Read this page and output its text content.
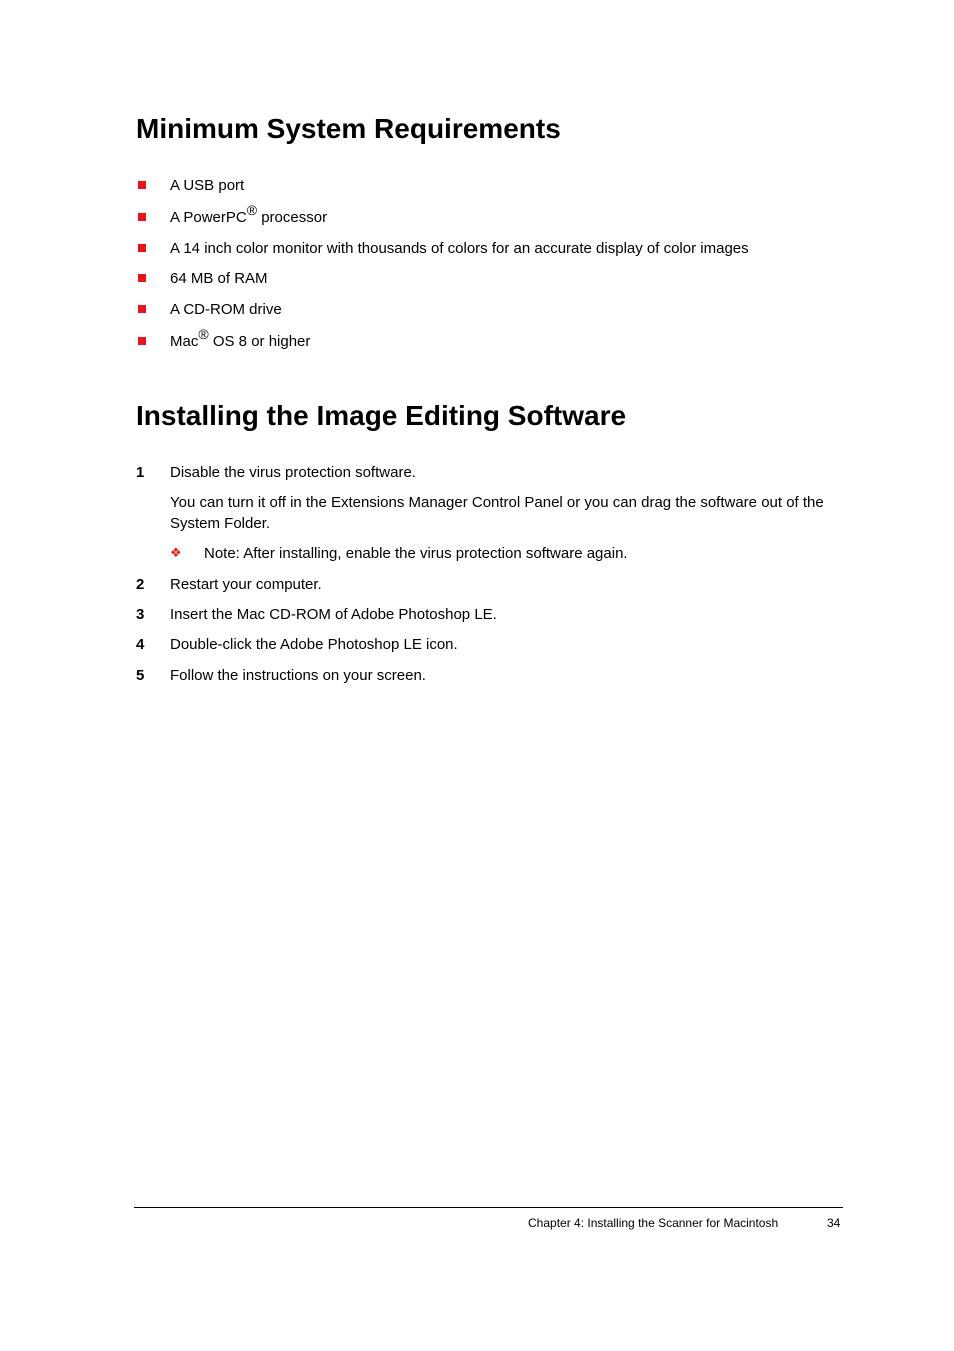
Minimum System Requirements
A USB port
A PowerPC® processor
A 14 inch color monitor with thousands of colors for an accurate display of color images
64 MB of RAM
A CD-ROM drive
Mac® OS 8 or higher
Installing the Image Editing Software
1 Disable the virus protection software.
You can turn it off in the Extensions Manager Control Panel or you can drag the software out of the System Folder.
❖ Note: After installing, enable the virus protection software again.
2 Restart your computer.
3 Insert the Mac CD-ROM of Adobe Photoshop LE.
4 Double-click the Adobe Photoshop LE icon.
5 Follow the instructions on your screen.
Chapter 4: Installing the Scanner for Macintosh	34
